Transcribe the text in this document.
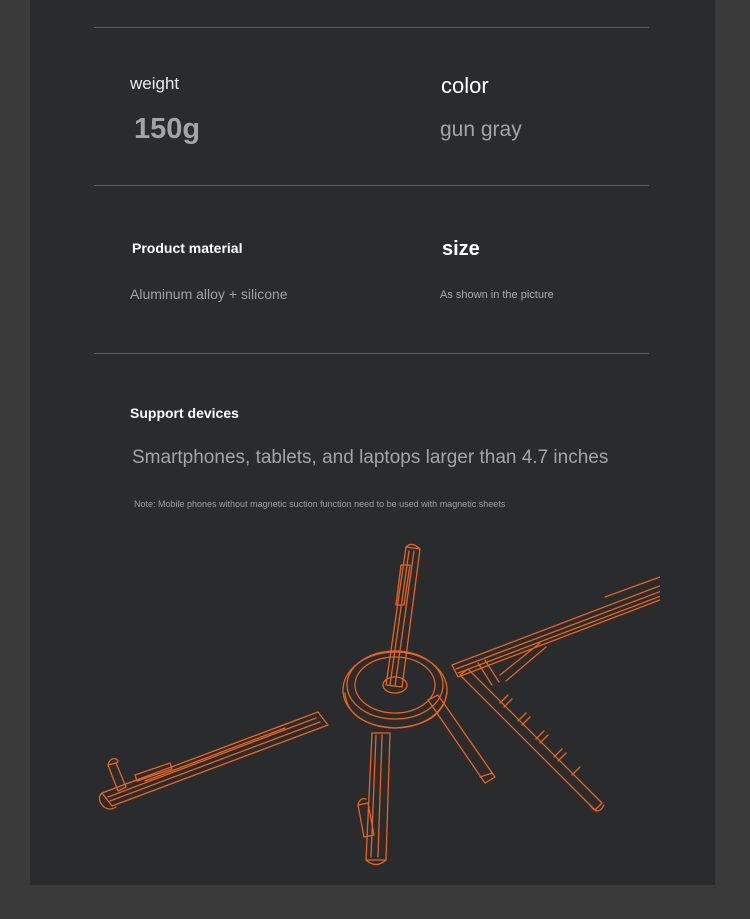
weight

150g

color

gun gray

Product material

Aluminum alloy + silicone

size

As shown in the picture

Support devices

Smartphones, tablets, and laptops larger than 4.7 inches

Note: Mobile phones without magnetic suction function need to be used with magnetic sheets
